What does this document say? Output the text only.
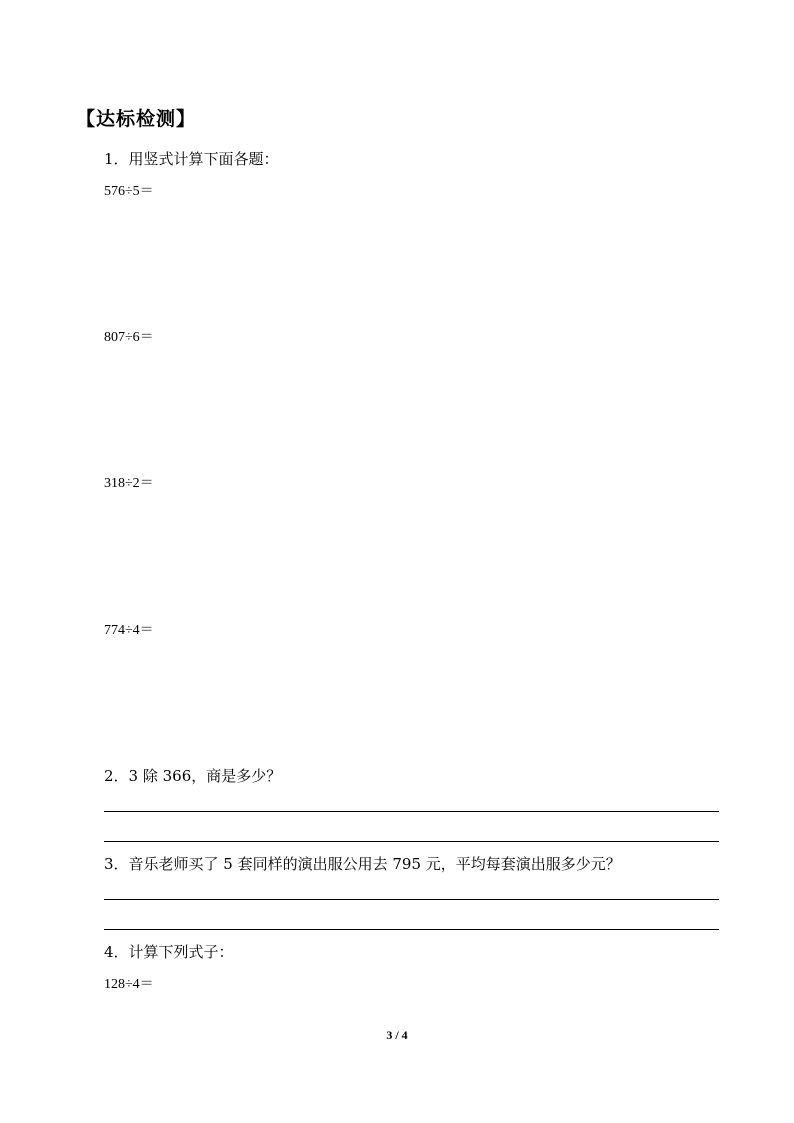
【达标检测】
1．用竖式计算下面各题：
576÷5＝
807÷6＝
318÷2＝
774÷4＝
2．3 除 366，商是多少？
3．音乐老师买了 5 套同样的演出服公用去 795 元，平均每套演出服多少元？
4．计算下列式子：
128÷4＝
3 / 4
